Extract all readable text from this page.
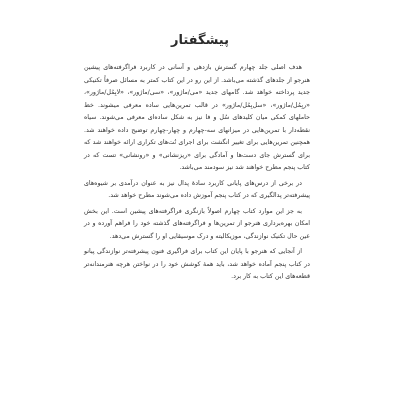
پیشگفتار

هدف اصلی جلد چهارم گسترش بازدهی و آسانی در کاربرد فراگرفته‌های پیشین هنرجو از جلدهای گذشته می‌باشد. از این رو در این کتاب کمتر به مسائل صرفاً تکنیکی جدید پرداخته خواهد شد. گامهای جدید «می/ماژور»، «سی/ماژور»، «لابِمُل/ماژور»، «ربِمُل/ماژور»، «سل‌بِمُل/ماژور» در قالب تمرین‌هایی ساده معرفی میشوند. خط حاملهای کمکی میان کلیدهای سُل و فا نیز به شکل ساده‌ای معرفی می‌شوند. سیاه نقطه‌دار با تمرین‌هایی در میزانهای سه-چهارم و چهار-چهارم توضیح داده خواهند شد. همچنین تمرین‌هایی برای تغییر انگشت برای اجرای نُت‌های تکراری ارائه خواهند شد که برای گسترش جای دست‌ها و آمادگی برای «ریزنشانی» و «رونشانی» تست که در کتاب پنجم مطرح خواهند شد نیز سودمند می‌باشد.

در برخی از درس‌های پایانی کاربرد سادهٔ پدال نیز به عنوان درآمدی بر شیوه‌های پیشرفته‌تر پدالگیری که در کتاب پنجم آموزش داده می‌شوند مطرح خواهد شد.

به جز این موارد کتاب چهارم اصولاً بازنگری فراگرفته‌های پیشین است. این بخش امکان بهره‌برداری هنرجو از تمرین‌ها و فراگرفته‌های گذشته خود را فراهم آورده و در عین حال تکنیک نوازندگی، موزیکالیته و درک موسیقایی او را گسترش می‌دهد.

از آنجایی که هنرجو با پایان این کتاب برای فراگیری فنون پیشرفته‌تر نوازندگی پیانو در کتاب پنجم آماده خواهد شد، باید همهٔ کوشش خود را در نواختن هرچه هنرمندانه‌تر قطعه‌های این کتاب به کار برد.
